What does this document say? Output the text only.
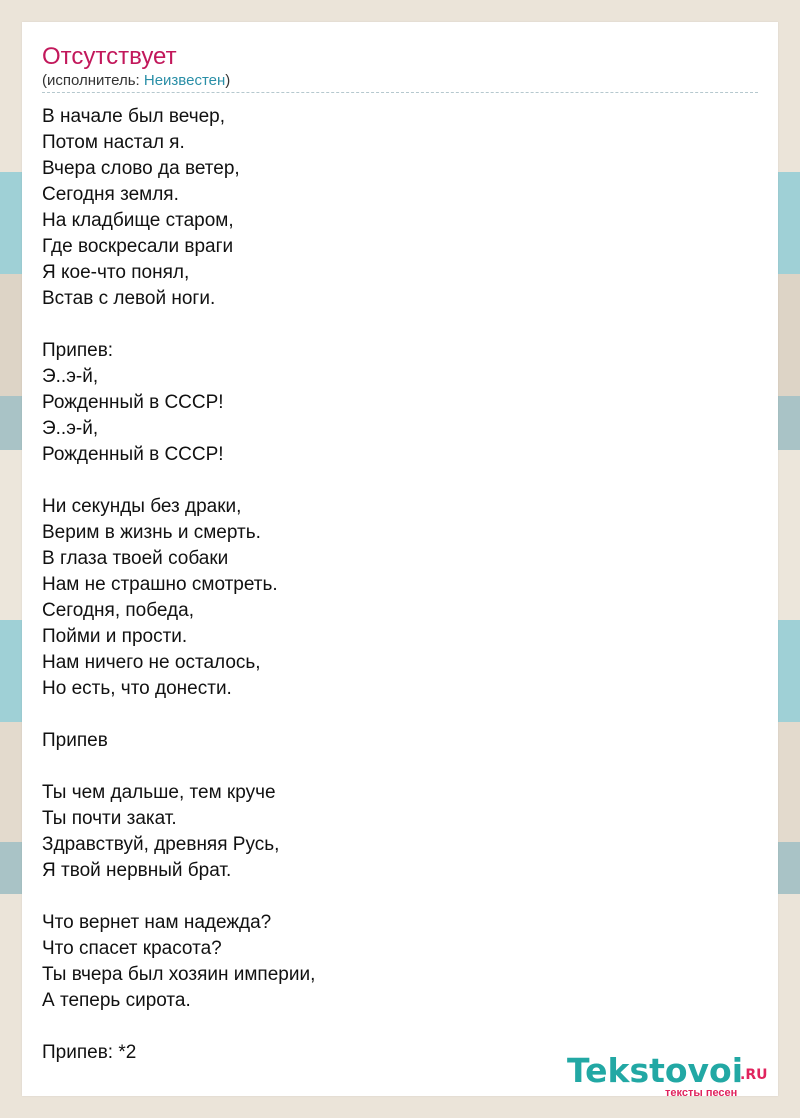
Отсутствует
(исполнитель: Неизвестен)
В начале был вечер,
Потом настал я.
Вчера слово да ветер,
Сегодня земля.
На кладбище старом,
Где воскресали враги
Я кое-что понял,
Встав с левой ноги.
Припев:
Э..э-й,
Рожденный в СССР!
Э..э-й,
Рожденный в СССР!
Ни секунды без драки,
Верим в жизнь и смерть.
В глаза твоей собаки
Нам не страшно смотреть.
Сегодня, победа,
Пойми и прости.
Нам ничего не осталось,
Но есть, что донести.
Припев
Ты чем дальше, тем круче
Ты почти закат.
Здравствуй, древняя Русь,
Я твой нервный брат.
Что вернет нам надежда?
Что спасет красота?
Ты вчера был хозяин империи,
А теперь сирота.
Припев: *2	Tekstovoi
.RU
тексты песен
